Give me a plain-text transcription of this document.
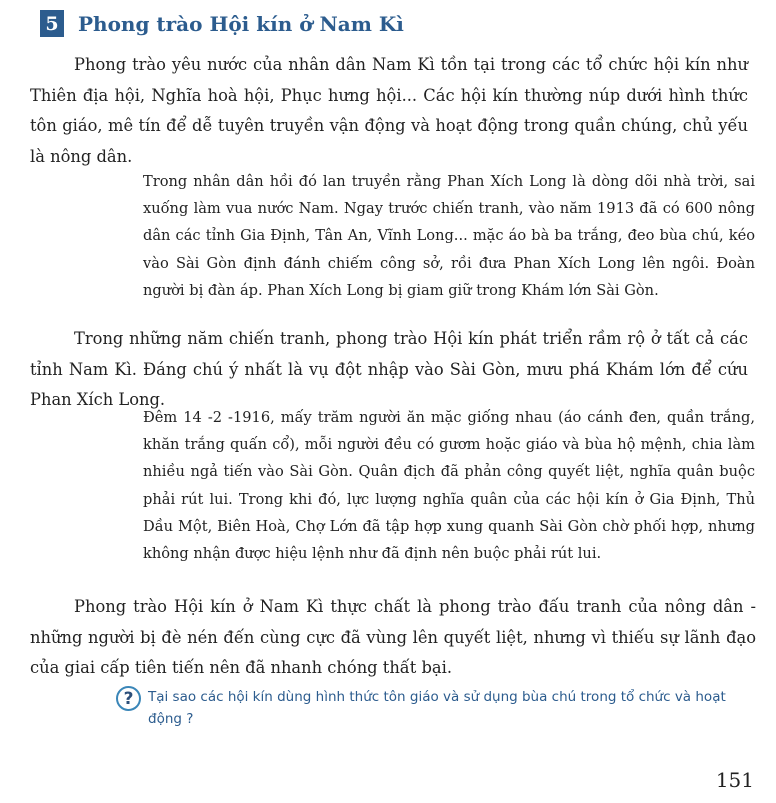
5 Phong trào Hội kín ở Nam Kì
Phong trào yêu nước của nhân dân Nam Kì tồn tại trong các tổ chức hội kín như Thiên địa hội, Nghĩa hoà hội, Phục hưng hội... Các hội kín thường núp dưới hình thức tôn giáo, mê tín để dễ tuyên truyền vận động và hoạt động trong quần chúng, chủ yếu là nông dân.
Trong nhân dân hồi đó lan truyền rằng Phan Xích Long là dòng dõi nhà trời, sai xuống làm vua nước Nam. Ngay trước chiến tranh, vào năm 1913 đã có 600 nông dân các tỉnh Gia Định, Tân An, Vĩnh Long... mặc áo bà ba trắng, đeo bùa chú, kéo vào Sài Gòn định đánh chiếm công sở, rồi đưa Phan Xích Long lên ngôi. Đoàn người bị đàn áp. Phan Xích Long bị giam giữ trong Khám lớn Sài Gòn.
Trong những năm chiến tranh, phong trào Hội kín phát triển rầm rộ ở tất cả các tỉnh Nam Kì. Đáng chú ý nhất là vụ đột nhập vào Sài Gòn, mưu phá Khám lớn để cứu Phan Xích Long.
Đêm 14 -2 -1916, mấy trăm người ăn mặc giống nhau (áo cánh đen, quần trắng, khăn trắng quấn cổ), mỗi người đều có gươm hoặc giáo và bùa hộ mệnh, chia làm nhiều ngả tiến vào Sài Gòn. Quân địch đã phản công quyết liệt, nghĩa quân buộc phải rút lui. Trong khi đó, lực lượng nghĩa quân của các hội kín ở Gia Định, Thủ Dầu Một, Biên Hoà, Chợ Lớn đã tập hợp xung quanh Sài Gòn chờ phối hợp, nhưng không nhận được hiệu lệnh như đã định nên buộc phải rút lui.
Phong trào Hội kín ở Nam Kì thực chất là phong trào đấu tranh của nông dân - những người bị đè nén đến cùng cực đã vùng lên quyết liệt, nhưng vì thiếu sự lãnh đạo của giai cấp tiên tiến nên đã nhanh chóng thất bại.
?	Tại sao các hội kín dùng hình thức tôn giáo và sử dụng bùa chú trong tổ chức và hoạt động ?
151
